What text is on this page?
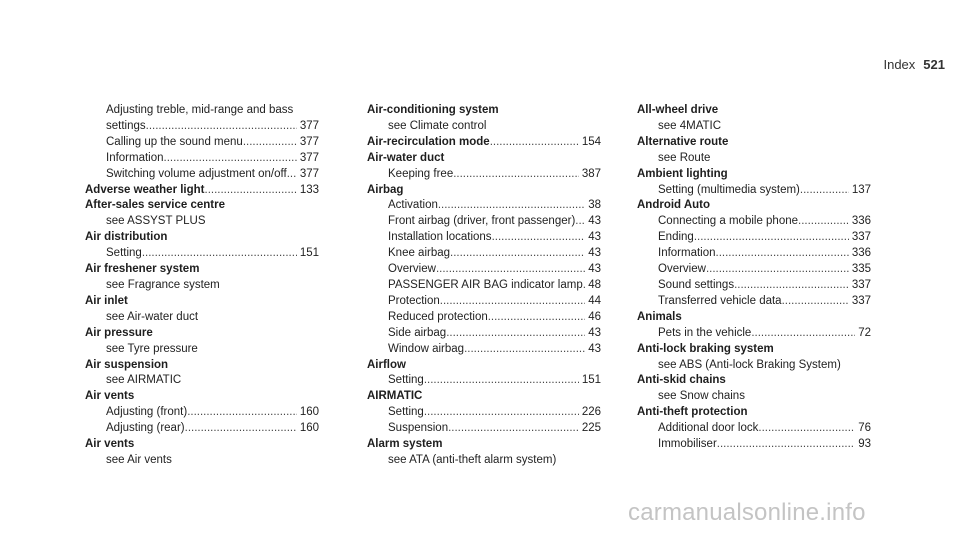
Index 521
Adjusting treble, mid-range and bass
settings . . .	377
Calling up the sound menu . . .	377
Information . . .	377
Switching volume adjustment on/off . . . 377
Adverse weather light . . .	133
After-sales service centre
see ASSYST PLUS
Air distribution
Setting . . .	151
Air freshener system
see Fragrance system
Air inlet
see Air-water duct
Air pressure
see Tyre pressure
Air suspension
see AIRMATIC
Air vents
Adjusting (front) . . .	160
Adjusting (rear) . . .	160
Air vents
see Air vents
Air-conditioning system
see Climate control
Air-recirculation mode . . .	154
Air-water duct
Keeping free . . .	387
Airbag
Activation . . .	38
Front airbag (driver, front passenger) . . . 43
Installation locations . . .	43
Knee airbag . . .	43
Overview . . .	43
PASSENGER AIR BAG indicator lamp . . . 48
Protection . . .	44
Reduced protection . . .	46
Side airbag . . .	43
Window airbag . . .	43
Airflow
Setting . . .	151
AIRMATIC
Setting . . .	226
Suspension . . .	225
Alarm system
see ATA (anti-theft alarm system)
All-wheel drive
see 4MATIC
Alternative route
see Route
Ambient lighting
Setting (multimedia system) . . .	137
Android Auto
Connecting a mobile phone . . .	336
Ending . . .	337
Information . . .	336
Overview . . .	335
Sound settings . . .	337
Transferred vehicle data . . .	337
Animals
Pets in the vehicle . . .	72
Anti-lock braking system
see ABS (Anti-lock Braking System)
Anti-skid chains
see Snow chains
Anti-theft protection
Additional door lock . . .	76
Immobiliser . . .	93
carmanualsonline.info
